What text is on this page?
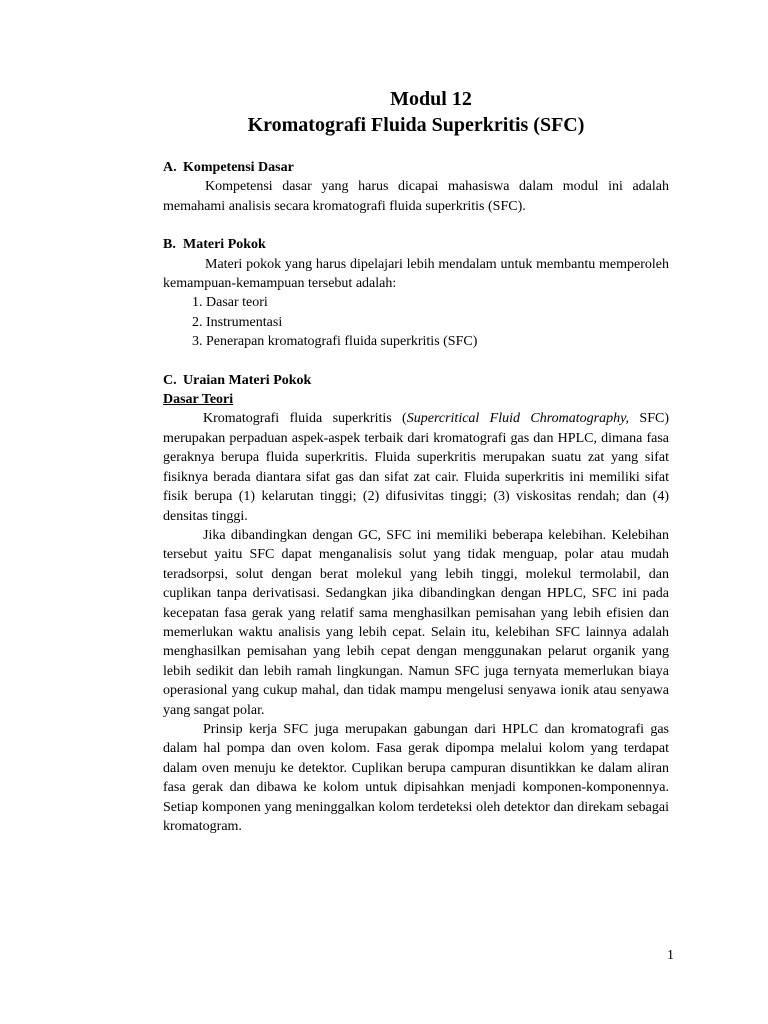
Modul 12
Kromatografi Fluida Superkritis (SFC)
A. Kompetensi Dasar
Kompetensi dasar yang harus dicapai mahasiswa dalam modul ini adalah memahami analisis secara kromatografi fluida superkritis (SFC).
B. Materi Pokok
Materi pokok yang harus dipelajari lebih mendalam untuk membantu memperoleh kemampuan-kemampuan tersebut adalah:
1. Dasar teori
2. Instrumentasi
3. Penerapan kromatografi fluida superkritis (SFC)
C. Uraian Materi Pokok
Dasar Teori
Kromatografi fluida superkritis (Supercritical Fluid Chromatography, SFC) merupakan perpaduan aspek-aspek terbaik dari kromatografi gas dan HPLC, dimana fasa geraknya berupa fluida superkritis. Fluida superkritis merupakan suatu zat yang sifat fisiknya berada diantara sifat gas dan sifat zat cair. Fluida superkritis ini memiliki sifat fisik berupa (1) kelarutan tinggi; (2) difusivitas tinggi; (3) viskositas rendah; dan (4) densitas tinggi.
Jika dibandingkan dengan GC, SFC ini memiliki beberapa kelebihan. Kelebihan tersebut yaitu SFC dapat menganalisis solut yang tidak menguap, polar atau mudah teradsorpsi, solut dengan berat molekul yang lebih tinggi, molekul termolabil, dan cuplikan tanpa derivatisasi. Sedangkan jika dibandingkan dengan HPLC, SFC ini pada kecepatan fasa gerak yang relatif sama menghasilkan pemisahan yang lebih efisien dan memerlukan waktu analisis yang lebih cepat. Selain itu, kelebihan SFC lainnya adalah menghasilkan pemisahan yang lebih cepat dengan menggunakan pelarut organik yang lebih sedikit dan lebih ramah lingkungan. Namun SFC juga ternyata memerlukan biaya operasional yang cukup mahal, dan tidak mampu mengelusi senyawa ionik atau senyawa yang sangat polar.
Prinsip kerja SFC juga merupakan gabungan dari HPLC dan kromatografi gas dalam hal pompa dan oven kolom. Fasa gerak dipompa melalui kolom yang terdapat dalam oven menuju ke detektor. Cuplikan berupa campuran disuntikkan ke dalam aliran fasa gerak dan dibawa ke kolom untuk dipisahkan menjadi komponen-komponennya. Setiap komponen yang meninggalkan kolom terdeteksi oleh detektor dan direkam sebagai kromatogram.
1
